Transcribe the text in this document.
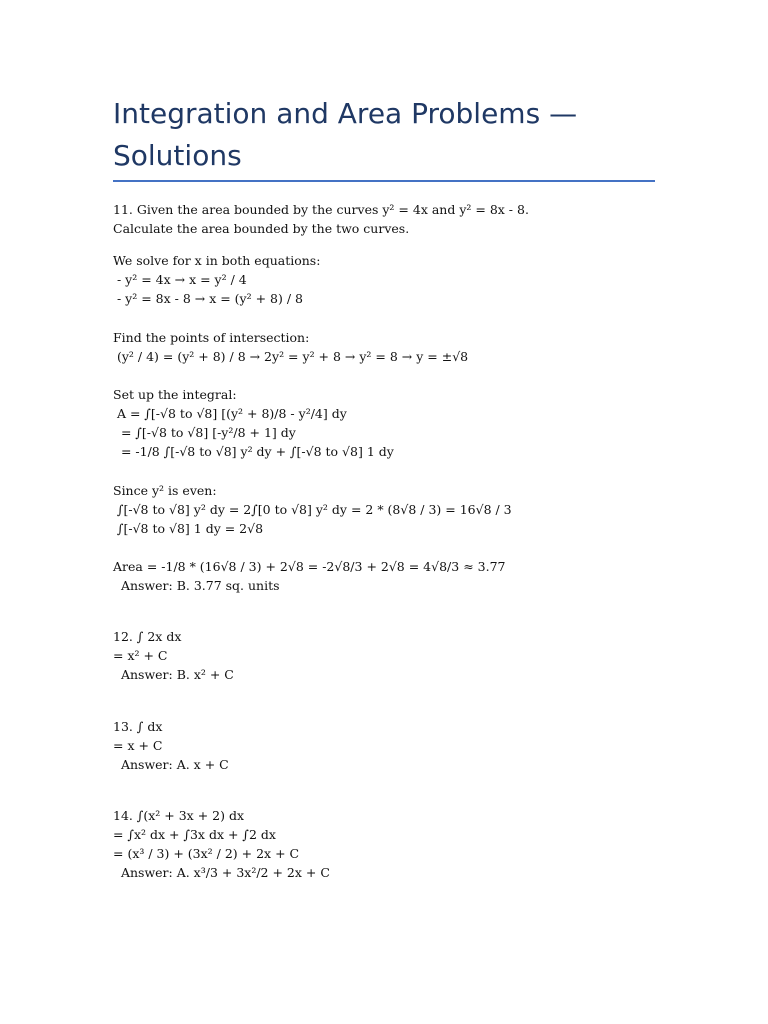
Integration and Area Problems — Solutions
11. Given the area bounded by the curves y² = 4x and y² = 8x - 8.
Calculate the area bounded by the two curves.
We solve for x in both equations:
- y² = 4x → x = y² / 4
- y² = 8x - 8 → x = (y² + 8) / 8
Find the points of intersection:
(y² / 4) = (y² + 8) / 8 → 2y² = y² + 8 → y² = 8 → y = ±√8
Set up the integral:
A = ∫[-√8 to √8] [(y² + 8)/8 - y²/4] dy
= ∫[-√8 to √8] [-y²/8 + 1] dy
= -1/8 ∫[-√8 to √8] y² dy + ∫[-√8 to √8] 1 dy
Since y² is even:
∫[-√8 to √8] y² dy = 2∫[0 to √8] y² dy = 2 * (8√8 / 3) = 16√8 / 3
∫[-√8 to √8] 1 dy = 2√8
Area = -1/8 * (16√8 / 3) + 2√8 = -2√8/3 + 2√8 = 4√8/3 ≈ 3.77
Answer: B. 3.77 sq. units
12. ∫ 2x dx
= x² + C
Answer: B. x² + C
13. ∫ dx
= x + C
Answer: A. x + C
14. ∫(x² + 3x + 2) dx
= ∫x² dx + ∫3x dx + ∫2 dx
= (x³ / 3) + (3x² / 2) + 2x + C
Answer: A. x³/3 + 3x²/2 + 2x + C
